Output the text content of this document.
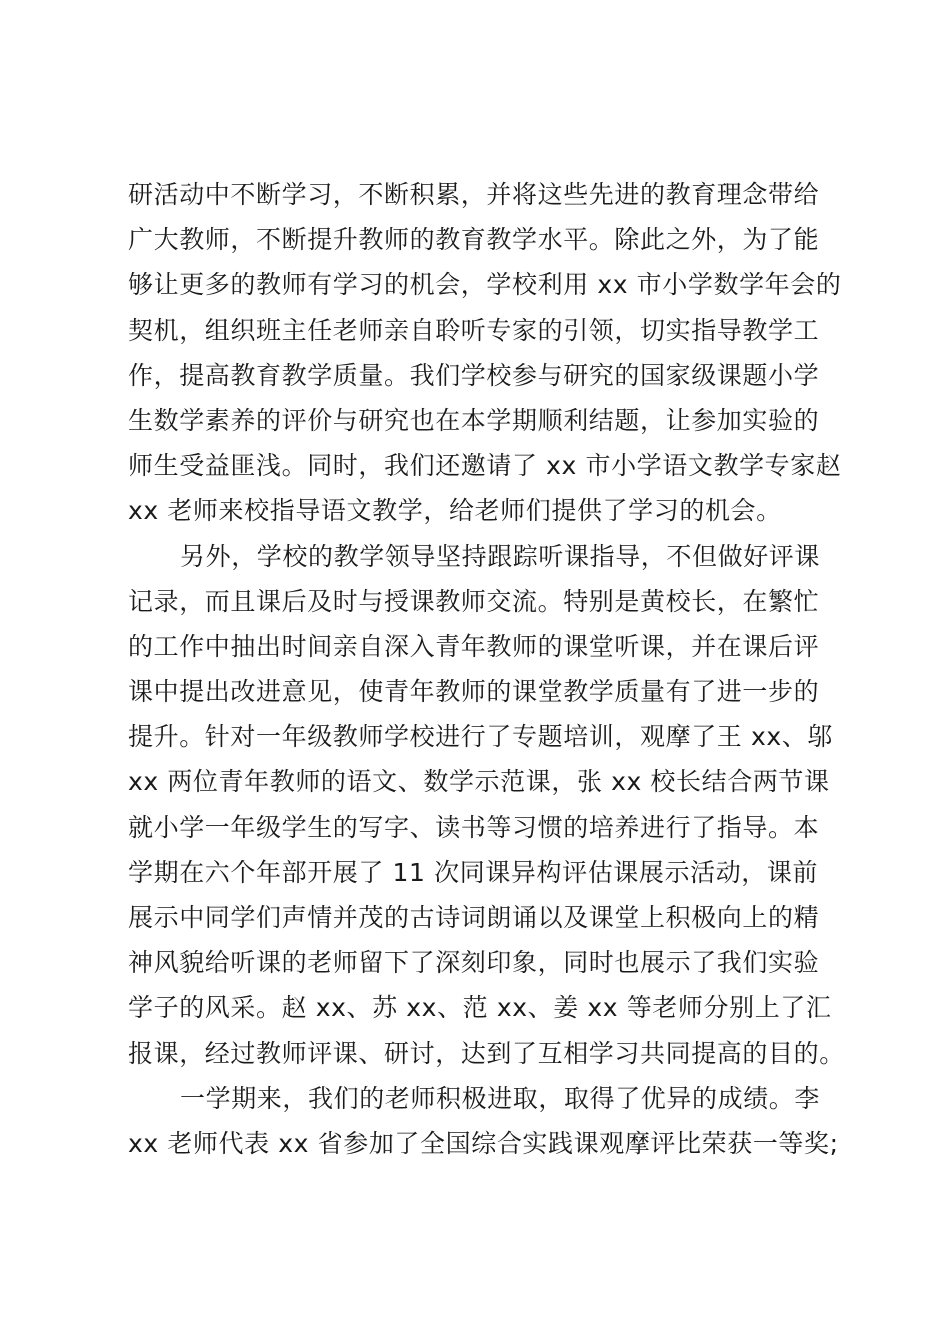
研活动中不断学习，不断积累，并将这些先进的教育理念带给
广大教师，不断提升教师的教育教学水平。除此之外，为了能
够让更多的教师有学习的机会，学校利用 xx 市小学数学年会的
契机，组织班主任老师亲自聆听专家的引领，切实指导教学工
作，提高教育教学质量。我们学校参与研究的国家级课题小学
生数学素养的评价与研究也在本学期顺利结题，让参加实验的
师生受益匪浅。同时，我们还邀请了 xx 市小学语文教学专家赵
xx 老师来校指导语文教学，给老师们提供了学习的机会。
另外，学校的教学领导坚持跟踪听课指导，不但做好评课
记录，而且课后及时与授课教师交流。特别是黄校长，在繁忙
的工作中抽出时间亲自深入青年教师的课堂听课，并在课后评
课中提出改进意见，使青年教师的课堂教学质量有了进一步的
提升。针对一年级教师学校进行了专题培训，观摩了王 xx、邬
xx 两位青年教师的语文、数学示范课，张 xx 校长结合两节课
就小学一年级学生的写字、读书等习惯的培养进行了指导。本
学期在六个年部开展了 11 次同课异构评估课展示活动，课前
展示中同学们声情并茂的古诗词朗诵以及课堂上积极向上的精
神风貌给听课的老师留下了深刻印象，同时也展示了我们实验
学子的风采。赵 xx、苏 xx、范 xx、姜 xx 等老师分别上了汇
报课，经过教师评课、研讨，达到了互相学习共同提高的目的。
一学期来，我们的老师积极进取，取得了优异的成绩。李
xx 老师代表 xx 省参加了全国综合实践课观摩评比荣获一等奖;
